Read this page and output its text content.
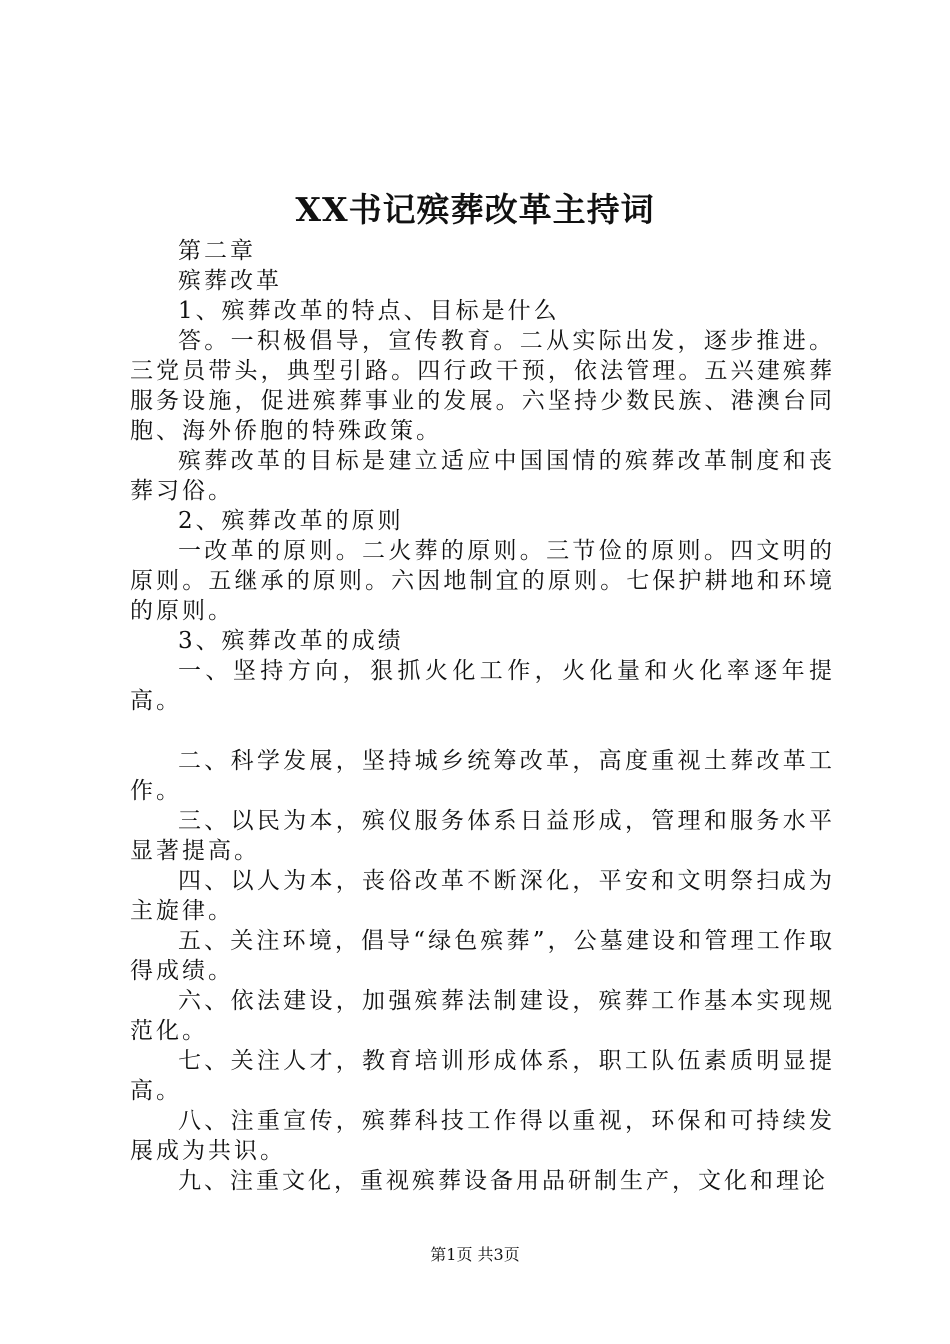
XX书记殡葬改革主持词

第二章

殡葬改革

1、殡葬改革的特点、目标是什么

答。一积极倡导，宣传教育。二从实际出发，逐步推进。三党员带头，典型引路。四行政干预，依法管理。五兴建殡葬服务设施，促进殡葬事业的发展。六坚持少数民族、港澳台同胞、海外侨胞的特殊政策。

殡葬改革的目标是建立适应中国国情的殡葬改革制度和丧葬习俗。

2、殡葬改革的原则

一改革的原则。二火葬的原则。三节俭的原则。四文明的原则。五继承的原则。六因地制宜的原则。七保护耕地和环境的原则。

3、殡葬改革的成绩

一、坚持方向，狠抓火化工作，火化量和火化率逐年提高。

二、科学发展，坚持城乡统筹改革，高度重视土葬改革工作。

三、以民为本，殡仪服务体系日益形成，管理和服务水平显著提高。

四、以人为本，丧俗改革不断深化，平安和文明祭扫成为主旋律。

五、关注环境，倡导“绿色殡葬”，公墓建设和管理工作取得成绩。

六、依法建设，加强殡葬法制建设，殡葬工作基本实现规范化。

七、关注人才，教育培训形成体系，职工队伍素质明显提高。

八、注重宣传，殡葬科技工作得以重视，环保和可持续发展成为共识。

九、注重文化，重视殡葬设备用品研制生产，文化和理论

第1页 共3页
